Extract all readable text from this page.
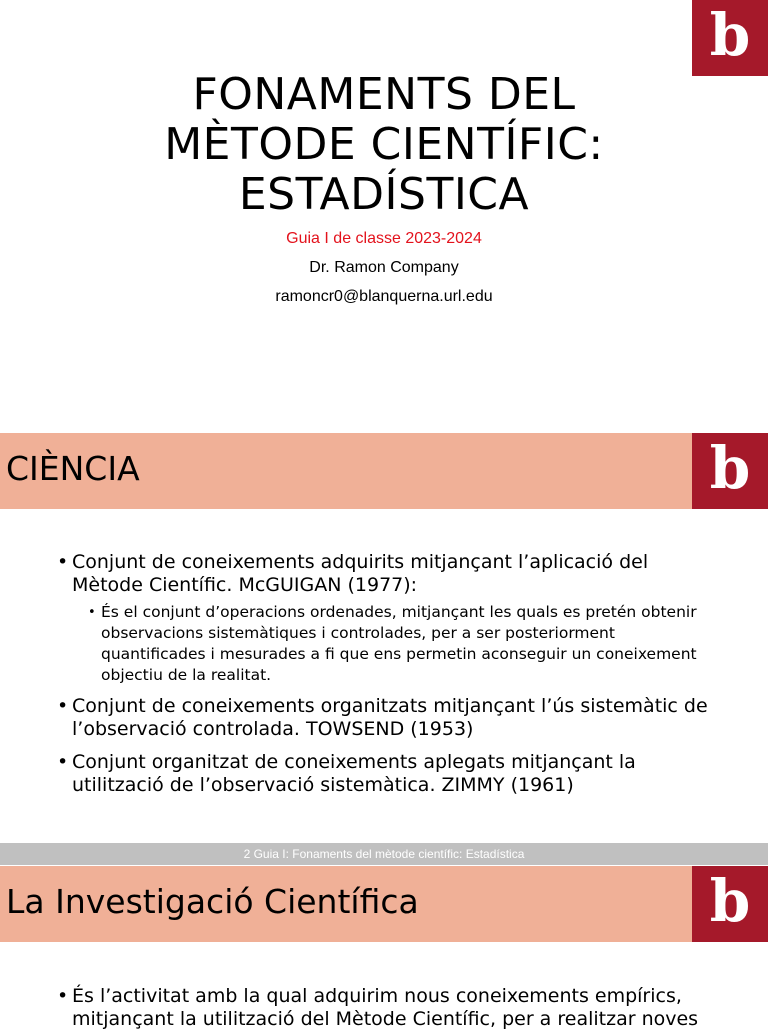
b
FONAMENTS DEL
MÈTODE CIENTÍFIC:
ESTADÍSTICA
Guia I de classe 2023-2024
Dr. Ramon Company
ramoncr0@blanquerna.url.edu
CIÈNCIA	b
• Conjunt de coneixements adquirits mitjançant l’aplicació del Mètode Científic. McGUIGAN (1977):
• És el conjunt d’operacions ordenades, mitjançant les quals es pretén obtenir observacions sistemàtiques i controlades, per a ser posteriorment quantificades i mesurades a fi que ens permetin aconseguir un coneixement objectiu de la realitat.
• Conjunt de coneixements organitzats mitjançant l’ús sistemàtic de l’observació controlada. TOWSEND (1953)
• Conjunt organitzat de coneixements aplegats mitjançant la utilització de l’observació sistemàtica. ZIMMY (1961)
2 Guia I: Fonaments del mètode científic: Estadística
La Investigació Científica	b
• És l’activitat amb la qual adquirim nous coneixements empírics, mitjançant la utilització del Mètode Científic, per a realitzar noves
